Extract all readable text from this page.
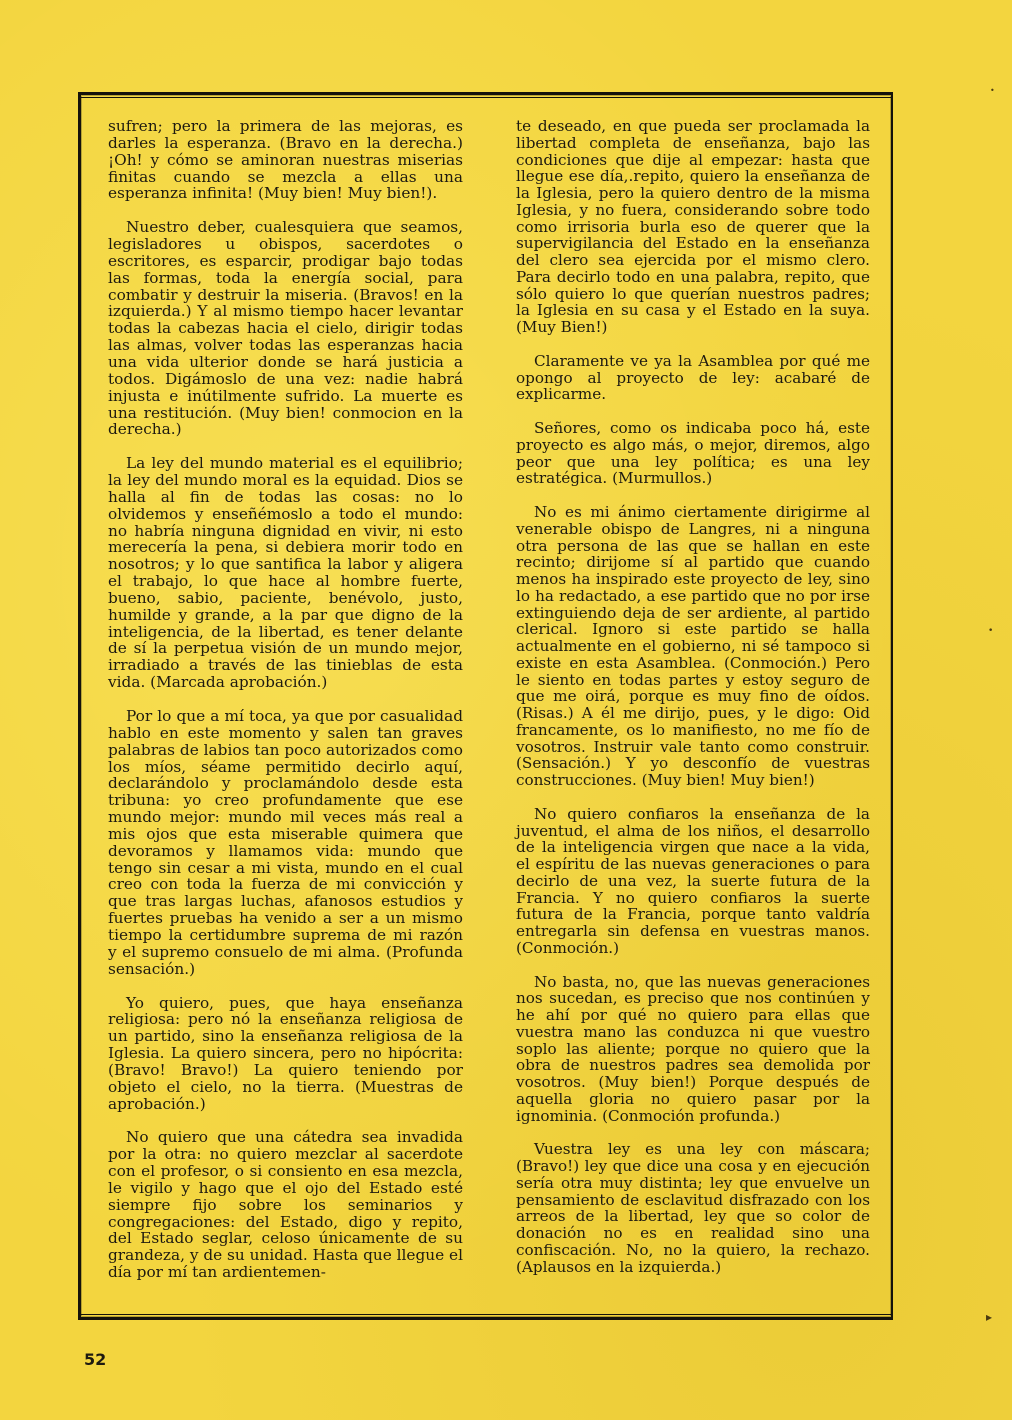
sufren; pero la primera de las mejoras, es darles la esperanza. (Bravo en la derecha.) ¡Oh! y cómo se aminoran nuestras miserias finitas cuando se mezcla a ellas una esperanza infinita! (Muy bien! Muy bien!).

Nuestro deber, cualesquiera que seamos, legisladores u obispos, sacerdotes o escritores, es esparcir, prodigar bajo todas las formas, toda la energía social, para combatir y destruir la miseria. (Bravos! en la izquierda.) Y al mismo tiempo hacer levantar todas la cabezas hacia el cielo, dirigir todas las almas, volver todas las esperanzas hacia una vida ulterior donde se hará justicia a todos. Digámoslo de una vez: nadie habrá injusta e inútilmente sufrido. La muerte es una restitución. (Muy bien! conmocion en la derecha.)

La ley del mundo material es el equilibrio; la ley del mundo moral es la equidad. Dios se halla al fin de todas las cosas: no lo olvidemos y enseñémoslo a todo el mundo: no habría ninguna dignidad en vivir, ni esto merecería la pena, si debiera morir todo en nosotros; y lo que santifica la labor y aligera el trabajo, lo que hace al hombre fuerte, bueno, sabio, paciente, benévolo, justo, humilde y grande, a la par que digno de la inteligencia, de la libertad, es tener delante de sí la perpetua visión de un mundo mejor, irradiado a través de las tinieblas de esta vida. (Marcada aprobación.)

Por lo que a mí toca, ya que por casualidad hablo en este momento y salen tan graves palabras de labios tan poco autorizados como los míos, séame permitido decirlo aquí, declarándolo y proclamándolo desde esta tribuna: yo creo profundamente que ese mundo mejor: mundo mil veces más real a mis ojos que esta miserable quimera que devoramos y llamamos vida: mundo que tengo sin cesar a mi vista, mundo en el cual creo con toda la fuerza de mi convicción y que tras largas luchas, afanosos estudios y fuertes pruebas ha venido a ser a un mismo tiempo la certidumbre suprema de mi razón y el supremo consuelo de mi alma. (Profunda sensación.)

Yo quiero, pues, que haya enseñanza religiosa: pero nó la enseñanza religiosa de un partido, sino la enseñanza religiosa de la Iglesia. La quiero sincera, pero no hipócrita: (Bravo! Bravo!) La quiero teniendo por objeto el cielo, no la tierra. (Muestras de aprobación.)

No quiero que una cátedra sea invadida por la otra: no quiero mezclar al sacerdote con el profesor, o si consiento en esa mezcla, le vigilo y hago que el ojo del Estado esté siempre fijo sobre los seminarios y congregaciones: del Estado, digo y repito, del Estado seglar, celoso únicamente de su grandeza, y de su unidad. Hasta que llegue el día por mí tan ardientemen-

te deseado, en que pueda ser proclamada la libertad completa de enseñanza, bajo las condiciones que dije al empezar: hasta que llegue ese día,.repito, quiero la enseñanza de la Iglesia, pero la quiero dentro de la misma Iglesia, y no fuera, considerando sobre todo como irrisoria burla eso de querer que la supervigilancia del Estado en la enseñanza del clero sea ejercida por el mismo clero. Para decirlo todo en una palabra, repito, que sólo quiero lo que querían nuestros padres; la Iglesia en su casa y el Estado en la suya. (Muy Bien!)

Claramente ve ya la Asamblea por qué me opongo al proyecto de ley: acabaré de explicarme.

Señores, como os indicaba poco há, este proyecto es algo más, o mejor, diremos, algo peor que una ley política; es una ley estratégica. (Murmullos.)

No es mi ánimo ciertamente dirigirme al venerable obispo de Langres, ni a ninguna otra persona de las que se hallan en este recinto; dirijome sí al partido que cuando menos ha inspirado este proyecto de ley, sino lo ha redactado, a ese partido que no por irse extinguiendo deja de ser ardiente, al partido clerical. Ignoro si este partido se halla actualmente en el gobierno, ni sé tampoco si existe en esta Asamblea. (Conmoción.) Pero le siento en todas partes y estoy seguro de que me oirá, porque es muy fino de oídos. (Risas.) A él me dirijo, pues, y le digo: Oid francamente, os lo manifiesto, no me fío de vosotros. Instruir vale tanto como construir. (Sensación.) Y yo desconfío de vuestras construcciones. (Muy bien! Muy bien!)

No quiero confiaros la enseñanza de la juventud, el alma de los niños, el desarrollo de la inteligencia virgen que nace a la vida, el espíritu de las nuevas generaciones o para decirlo de una vez, la suerte futura de la Francia. Y no quiero confiaros la suerte futura de la Francia, porque tanto valdría entregarla sin defensa en vuestras manos. (Conmoción.)

No basta, no, que las nuevas generaciones nos sucedan, es preciso que nos continúen y he ahí por qué no quiero para ellas que vuestra mano las conduzca ni que vuestro soplo las aliente; porque no quiero que la obra de nuestros padres sea demolida por vosotros. (Muy bien!) Porque después de aquella gloria no quiero pasar por la ignominia. (Conmoción profunda.)

Vuestra ley es una ley con máscara; (Bravo!) ley que dice una cosa y en ejecución sería otra muy distinta; ley que envuelve un pensamiento de esclavitud disfrazado con los arreos de la libertad, ley que so color de donación no es en realidad sino una confiscación. No, no la quiero, la rechazo. (Aplausos en la izquierda.)

52
•
•
▸
